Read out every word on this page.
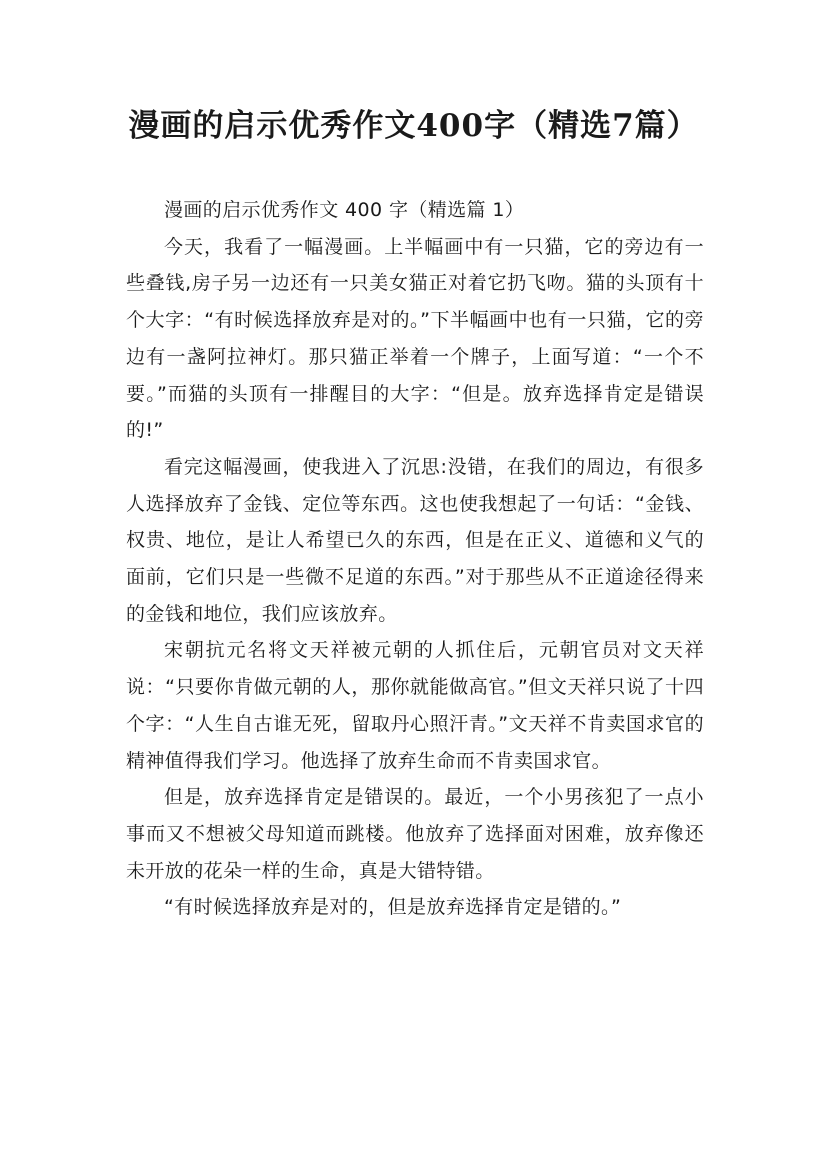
漫画的启示优秀作文400字（精选7篇）

漫画的启示优秀作文 400 字（精选篇 1）

今天，我看了一幅漫画。上半幅画中有一只猫，它的旁边有一些叠钱,房子另一边还有一只美女猫正对着它扔飞吻。猫的头顶有十个大字：“有时候选择放弃是对的。”下半幅画中也有一只猫，它的旁边有一盏阿拉神灯。那只猫正举着一个牌子，上面写道：“一个不要。”而猫的头顶有一排醒目的大字：“但是。放弃选择肯定是错误的!”

看完这幅漫画，使我进入了沉思:没错，在我们的周边，有很多人选择放弃了金钱、定位等东西。这也使我想起了一句话：“金钱、权贵、地位，是让人希望已久的东西，但是在正义、道德和义气的面前，它们只是一些微不足道的东西。”对于那些从不正道途径得来的金钱和地位，我们应该放弃。

宋朝抗元名将文天祥被元朝的人抓住后，元朝官员对文天祥说：“只要你肯做元朝的人，那你就能做高官。”但文天祥只说了十四个字：“人生自古谁无死，留取丹心照汗青。”文天祥不肯卖国求官的精神值得我们学习。他选择了放弃生命而不肯卖国求官。

但是，放弃选择肯定是错误的。最近，一个小男孩犯了一点小事而又不想被父母知道而跳楼。他放弃了选择面对困难，放弃像还未开放的花朵一样的生命，真是大错特错。

“有时候选择放弃是对的，但是放弃选择肯定是错的。”
